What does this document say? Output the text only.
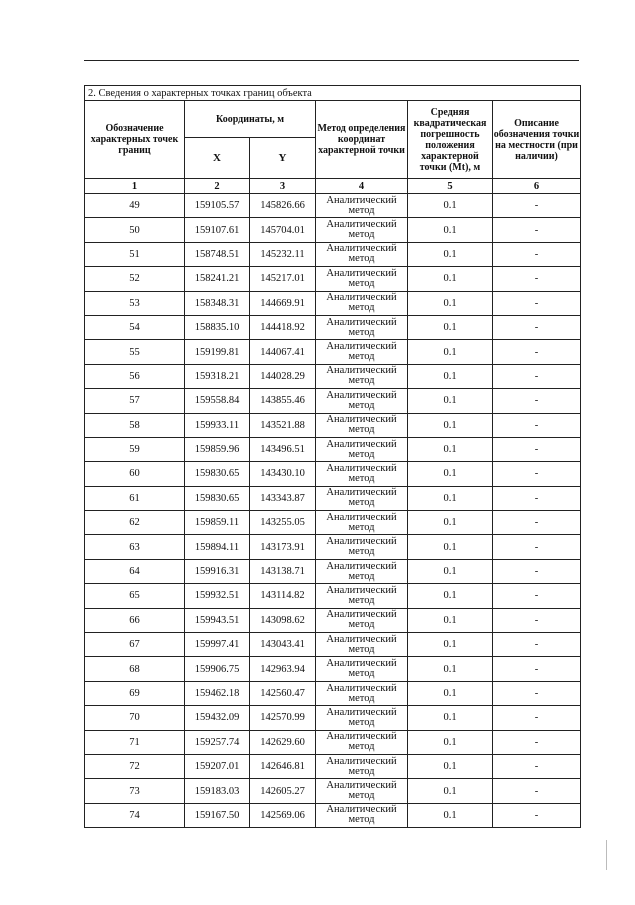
2. Сведения о характерных точках границ объекта					
Обозначение характерных точек границ	Координаты, м		Метод определения координат характерной точки	Средняя квадратическая погрешность положения характерной точки (Мt), м	Описание обозначения точки на местности (при наличии)
	X	Y			
1	2	3	4	5	6
49	159105.57	145826.66	Аналитический метод	0.1	-
50	159107.61	145704.01	Аналитический метод	0.1	-
51	158748.51	145232.11	Аналитический метод	0.1	-
52	158241.21	145217.01	Аналитический метод	0.1	-
53	158348.31	144669.91	Аналитический метод	0.1	-
54	158835.10	144418.92	Аналитический метод	0.1	-
55	159199.81	144067.41	Аналитический метод	0.1	-
56	159318.21	144028.29	Аналитический метод	0.1	-
57	159558.84	143855.46	Аналитический метод	0.1	-
58	159933.11	143521.88	Аналитический метод	0.1	-
59	159859.96	143496.51	Аналитический метод	0.1	-
60	159830.65	143430.10	Аналитический метод	0.1	-
61	159830.65	143343.87	Аналитический метод	0.1	-
62	159859.11	143255.05	Аналитический метод	0.1	-
63	159894.11	143173.91	Аналитический метод	0.1	-
64	159916.31	143138.71	Аналитический метод	0.1	-
65	159932.51	143114.82	Аналитический метод	0.1	-
66	159943.51	143098.62	Аналитический метод	0.1	-
67	159997.41	143043.41	Аналитический метод	0.1	-
68	159906.75	142963.94	Аналитический метод	0.1	-
69	159462.18	142560.47	Аналитический метод	0.1	-
70	159432.09	142570.99	Аналитический метод	0.1	-
71	159257.74	142629.60	Аналитический метод	0.1	-
72	159207.01	142646.81	Аналитический метод	0.1	-
73	159183.03	142605.27	Аналитический метод	0.1	-
74	159167.50	142569.06	Аналитический метод	0.1	-
